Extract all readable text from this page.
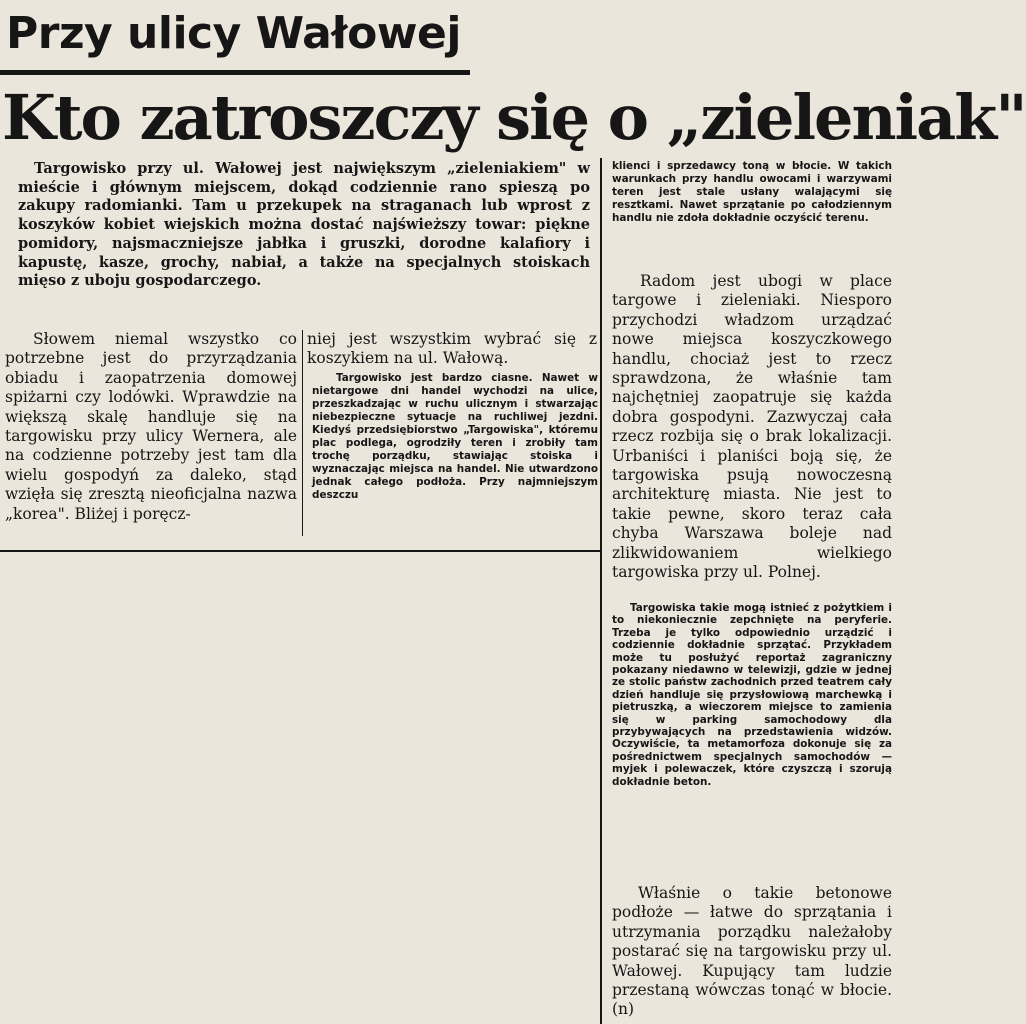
Przy ulicy Wałowej
Kto zatroszczy się o „zieleniak"

Targowisko przy ul. Wałowej jest największym „zieleniakiem" w mieście i głównym miejscem, dokąd codziennie rano spieszą po zakupy radomianki. Tam u przekupek na straganach lub wprost z koszyków kobiet wiejskich można dostać najświeższy towar: piękne pomidory, najsmaczniejsze jabłka i gruszki, dorodne kalafiory i kapustę, kasze, grochy, nabiał, a także na specjalnych stoiskach mięso z uboju gospodarczego.

Słowem niemal wszystko co potrzebne jest do przyrządzania obiadu i zaopatrzenia domowej spiżarni czy lodówki. Wprawdzie na większą skalę handluje się na targowisku przy ulicy Wernera, ale na codzienne potrzeby jest tam dla wielu gospodyń za daleko, stąd wzięła się zresztą nieoficjalna nazwa „korea". Bliżej i poręcz-

niej jest wszystkim wybrać się z koszykiem na ul. Wałową.

Targowisko jest bardzo ciasne. Nawet w nietargowe dni handel wychodzi na ulice, przeszkadzając w ruchu ulicznym i stwarzając niebezpieczne sytuacje na ruchliwej jezdni. Kiedyś przedsiębiorstwo „Targowiska", któremu plac podlega, ogrodziły teren i zrobiły tam trochę porządku, stawiając stoiska i wyznaczając miejsca na handel. Nie utwardzono jednak całego podłoża. Przy najmniejszym deszczu

klienci i sprzedawcy toną w błocie. W takich warunkach przy handlu owocami i warzywami teren jest stale usłany walającymi się resztkami. Nawet sprzątanie po całodziennym handlu nie zdoła dokładnie oczyścić terenu.

Radom jest ubogi w place targowe i zieleniaki. Niesporo przychodzi władzom urządzać nowe miejsca koszyczkowego handlu, chociaż jest to rzecz sprawdzona, że właśnie tam najchętniej zaopatruje się każda dobra gospodyni. Zazwyczaj cała rzecz rozbija się o brak lokalizacji. Urbaniści i planiści boją się, że targowiska psują nowoczesną architekturę miasta. Nie jest to takie pewne, skoro teraz cała chyba Warszawa boleje nad zlikwidowaniem wielkiego targowiska przy ul. Polnej.

Targowiska takie mogą istnieć z pożytkiem i to niekoniecznie zepchnięte na peryferie. Trzeba je tylko odpowiednio urządzić i codziennie dokładnie sprzątać. Przykładem może tu posłużyć reportaż zagraniczny pokazany niedawno w telewizji, gdzie w jednej ze stolic państw zachodnich przed teatrem cały dzień handluje się przysłowiową marchewką i pietruszką, a wieczorem miejsce to zamienia się w parking samochodowy dla przybywających na przedstawienia widzów. Oczywiście, ta metamorfoza dokonuje się za pośrednictwem specjalnych samochodów — myjek i polewaczek, które czyszczą i szorują dokładnie beton.

Właśnie o takie betonowe podłoże — łatwe do sprzątania i utrzymania porządku należałoby postarać się na targowisku przy ul. Wałowej. Kupujący tam ludzie przestaną wówczas tonąć w błocie. (n)
